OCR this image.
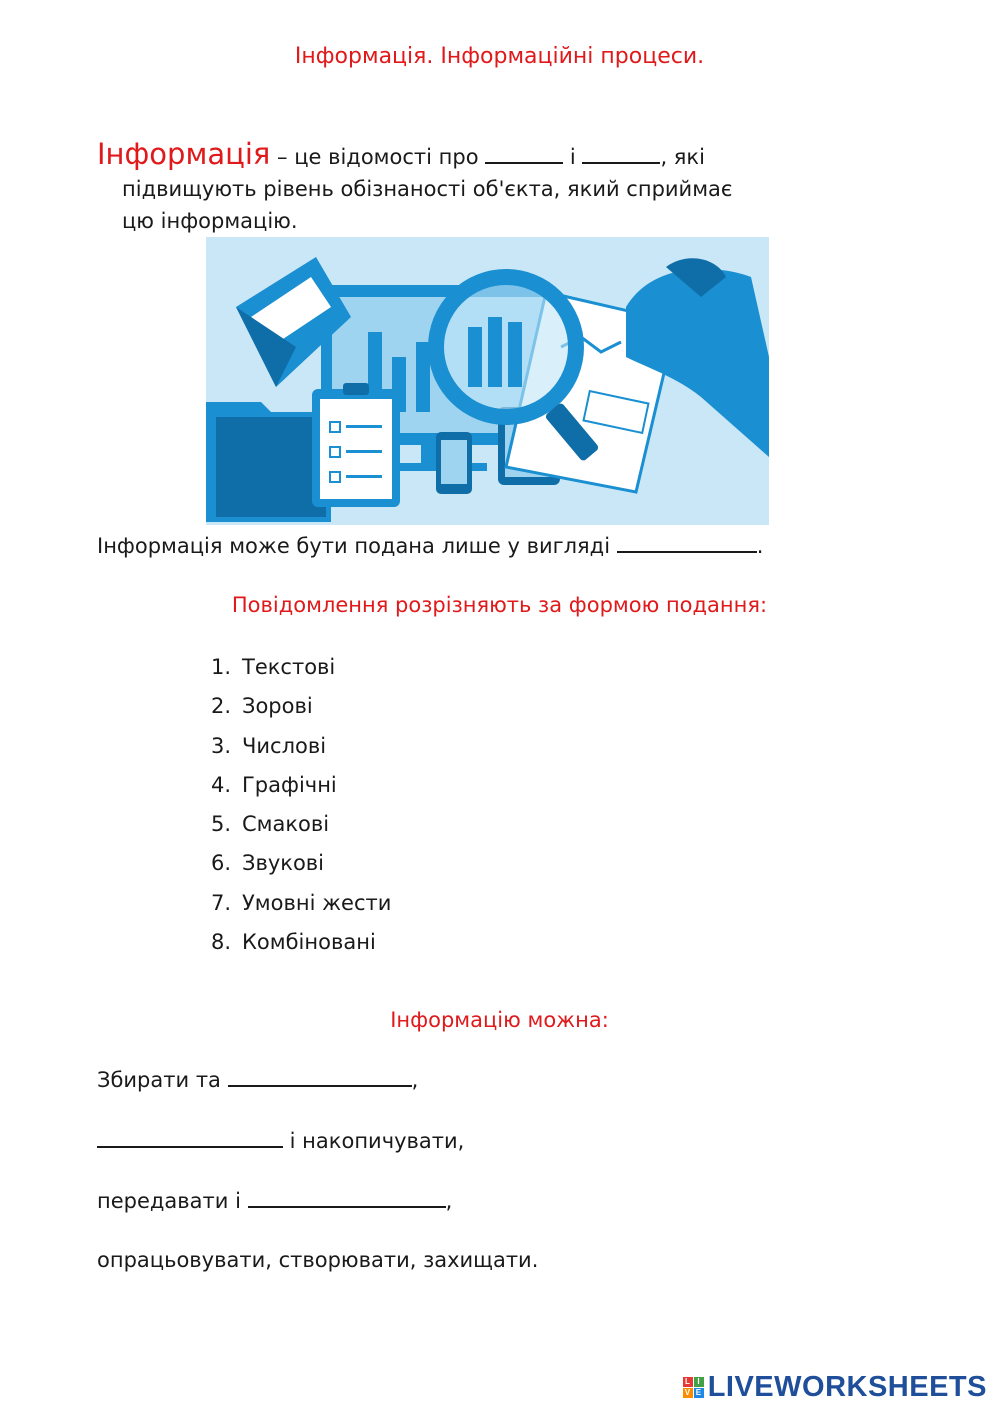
Інформація. Інформаційні процеси.
Інформація – це відомості про	і	, які
підвищують рівень обізнаності об'єкта, який сприймає
цю інформацію.
Інформація може бути подана лише у вигляді	.
Повідомлення розрізняють за формою подання:
1. Текстові
2. Зорові
3. Числові
4. Графічні
5. Смакові
6. Звукові
7. Умовні жести
8. Комбіновані
Інформацію можна:
Збирати та	,
і накопичувати,
передавати і	,
опрацьовувати, створювати, захищати.
L I
V E LIVEWORKSHEETS
